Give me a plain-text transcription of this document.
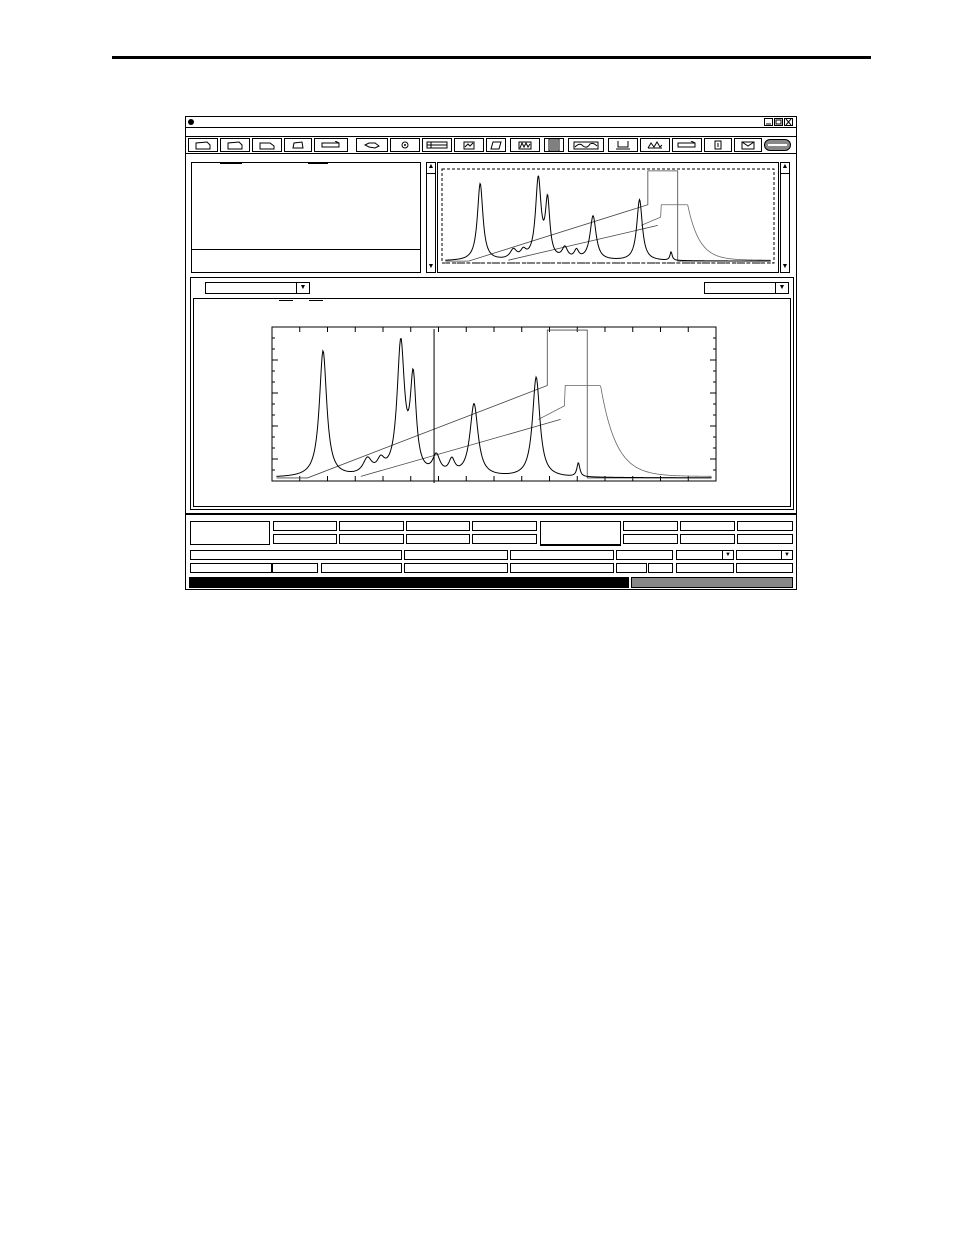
▲
▼
▲
▼
▼	▼
▼	▼
